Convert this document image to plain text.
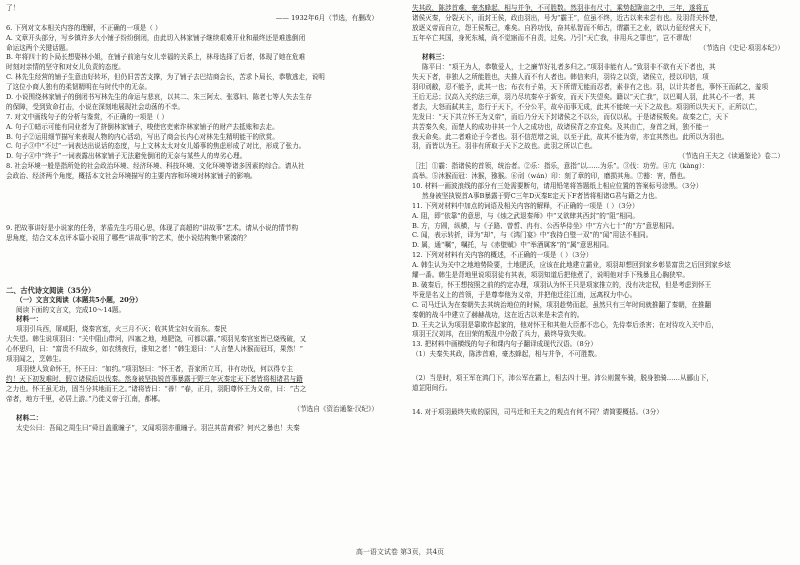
了！
—— 1932年6月（节选，有删改）
6. 下列对文本相关内容的理解，不正确的一项是（ ）
A. 文章开头部分，写乡镇许多大小铺子纷纷倒闭，由此切入林家铺子继续艰难开业和最终还是难逃倒闭
命运这两个关键话题。
B. 年将四十的卜局长想娶林小姐，在铺子前途与女儿幸福的关系上，林母选择了后者，体现了她在危难
时刻对亲情的坚守和对女儿负责的态度。
C. 林先生经营的铺子生意由好转坏，但仍旧苦苦支撑，为了铺子去巴结商会长，苦求卜局长，恭敬逃走，说明
了这位小商人独有的柔韧精明在与时代中的无奈。
D. 小说围绕林家铺子的倒闭书写林先生的命运与悲哀，以其二、朱三阿太、张寡妇、陈老七等人失去生存
的保障，受到致命打击，小说在深刻地展现社会动荡的不幸。
7. 对文中画线句子的分析与鉴赏，不正确的一项是（ ）
A. 句子①暗示可能有同业者为了挤倒林家铺子，唆使官吏索诈林家铺子的财产去抵账和去走。
B. 句子②运用细节描写来表现人物的内心活动，写出了商会长内心对林先生精明能干的欣赏。
C. 句子③中“不过”一词表达出说话的态度，与上文林太太对女儿婚事的焦虑形成了对比，形成了张力。
D. 句子④中“终于”一词表露出林家铺子无法避免倒闭的无奈与某些人的卑劣心理。
8. 社会环境一般是指所处的社会政治环境、经济环境、科技环境、文化环境等诸多因素的综合。请从社
会政治、经济两个角度，概括本文社会环境描写的主要内容和环境对林家铺子的影响。
9. 把故事讲好是小说家的任务，茅盾先生巧用心思，体现了高超的“讲故事”艺术。请从小说的情节构
思角度，结合文本点评本篇小说用了哪些“讲故事”的艺术，使小说结构集中紧凑的？
二、古代诗文阅读（35分）
（一）文言文阅读（本题共5小题，20分）
阅读下面的文言文，完成10～14题。
材料一：
项羽引兵西，屠咸阳，烧秦宫室，火三月不灭；收其货宝妇女而东。秦民
大失望。韩生说项羽曰：“关中阻山带河，四塞之地，地肥饶，可都以霸。”项羽见秦宫室皆已烧残破，又
心怀思归，曰：“富贵不归故乡，如衣绣夜行，谁知之者！”韩生退曰：“人言楚人沐猴而冠耳，果然！”
项羽闻之，烹韩生。
项羽使人致命怀王，怀王曰：“如约。”项羽怒曰：“怀王者，吾家所立耳，非有功伐，何以得专主
约！天下初发难时，假立诸侯后以伐秦。然身被坚执锐首事暴露于野三年灭秦定天下者皆将相诸君与籍
之力也。怀王虽无功，固当分其地而王之。”诸将皆曰：“善！”春，正月，羽阳尊怀王为义帝，曰：“古之
帝者，地方千里，必居上游。”乃徙义帝于江南，都郴。
（节选自《资治通鉴·汉纪》）
材料二：
太史公曰：吾闻之周生曰“舜目盖重瞳子”，又闻项羽亦重瞳子。羽岂其苗裔邪？何兴之暴也！夫秦
失其政，陈涉首难，豪杰蜂起，相与并争，不可胜数。然羽非有尺寸，乘势起陇亩之中，三年，遂将五
诸侯灭秦，分裂天下，而封王侯，政由羽出，号为“霸王”，位虽不终，近古以来未尝有也。及羽背关怀楚，
放逐义帝而自立，怨王侯叛己，难矣。自矜功伐，奋其私智而不师古，谓霸王之业，欲以力征经营天下，
五年卒亡其国，身死东城，尚不觉寤而不自责，过矣。乃引“天亡我，非用兵之罪也”，岂不谬哉！
（节选自《史记·项羽本纪》）
材料三：
陈平曰：“项王为人，恭敬爱人，士之廉节好礼者多归之。”项羽非能有人。”致羽非不欲有天下者也，其
失天下者，非独人之所能胜也，夫推人而不有人者也。韩信来归，羽待之以资，诸侯立，授以印信，项
羽印刓敝，忍不能予，此其一也；布衣有子弟，天下所谓无能而忍者，素非有之也。羽，以计共者也，事怀王而弑之，羞项
王后无忌；汉高入关约法三章，羽乃尽坑秦卒于新安，而天下失望矣。籍以“天亡我”，以巴蜀人羽，此其心不一者，其
者去，大怒而弑其主，恣行于天下，不分公平，故卒而事无成，此其不能统一天下之故也。项羽所以失天下，正所以亡，
先发曰：“天下共立怀王为义帝”，而后乃分天下封诸侯之不以公，而仅以私，于是诸侯叛矣。故秦之亡，天下
共苦秦久矣，而楚人的成功非其一个人之成功也，故诸侯背之亦宜矣。及其由亡，身首之间，独不能一
我天命矣。此二者难论于今者也。羽不信范增之说，以至于此，故其不能为帝，亦宜其然也。此所以为羽也。
羽，而皆以为王。羽非有所取于天下之故也。此羽之所以亡也。
（节选自王夫之《读通鉴论》卷二）
［注］①霸：指诸侯的首领，统治者。②乐：指乐，意指“以……为乐”。③伐：功劳。④亢（kàng）：
高举。⑤沐猴而冠：沐猴，猕猴。⑥刓（wán）印：刻了章的印，磨损其角。⑦豁：害，僭也。
10. 材料一画波浪线的部分有三处需要断句，请用铅笔将答题纸上相应位置的答案标号涂黑。（3分）
然身被坚执锐首A事B暴露于野C三年D灭秦E定天下F者皆将相诸G君与籍之力也。
11. 下列对材料中加点的词语及相关内容的解释，不正确的一项是（ ）（3分）
A. 阻，即“依靠”的意思，与《烛之武退秦师》中“又欲肆其西封”的“阻”相同。
B. 方，方圆，纵横，与《子路、曾皙、冉有、公西华侍坐》中“方六七十”的“方”意思相同。
C. 闻，表示转折，译为“却”，与《鸿门宴》中“我持白璧一双”的“闻”用法不相同。
D. 属，通“嘱”，嘱托，与《赤壁赋》中“举酒属客”的“属”意思相同。
12. 下列对材料有关内容的概述，不正确的一项是（ ）（3分）
A. 韩生认为关中之地地势险要，土地肥沃，应该在此地建立霸业，项羽却想回到家乡彰显富贵之后回到家乡炫
耀一番。韩生是背地里说项羽徒有其表，项羽知道后把他煮了，说明他对手下残暴且心胸狭窄。
B. 破秦后，怀王想按照之前的约定办理，项羽认为怀王只是项家推立的，没有决定权，但是考虑到怀王
毕竟是名义上的首领，于是尊奉他为义帝，并把他迁往江南，远离权力中心。
C. 司马迁认为在秦朝失去其统治地位的时候，项羽趁势而起，虽然只有三年时间就推翻了秦朝，在推翻
秦朝的战斗中建立了赫赫战功，这在近古以来是未尝有的。
D. 王夫之认为项羽是靠欺诈起家的，他对怀王和其他大臣都不忠心，先侍奉后杀害；在对待攻入关中后，
项羽王汉刘邦，在田荣的叛乱中分散了兵力，最终导致失败。
13. 把材料中画横线的句子和课内句子翻译成现代汉语。（8分）
（1）夫秦失其政，陈涉首难，豪杰蜂起，相与并争，不可胜数。
（2）当是时，项王军在鸿门下，沛公军在霸上，相去四十里。沛公则置车骑，脱身独骑……从郦山下，
道芷阳间行。
14. 对于项羽最终失败的原因，司马迁和王夫之的观点有何不同？请简要概括。（3分）
高一语文试卷 第3页，共4页
